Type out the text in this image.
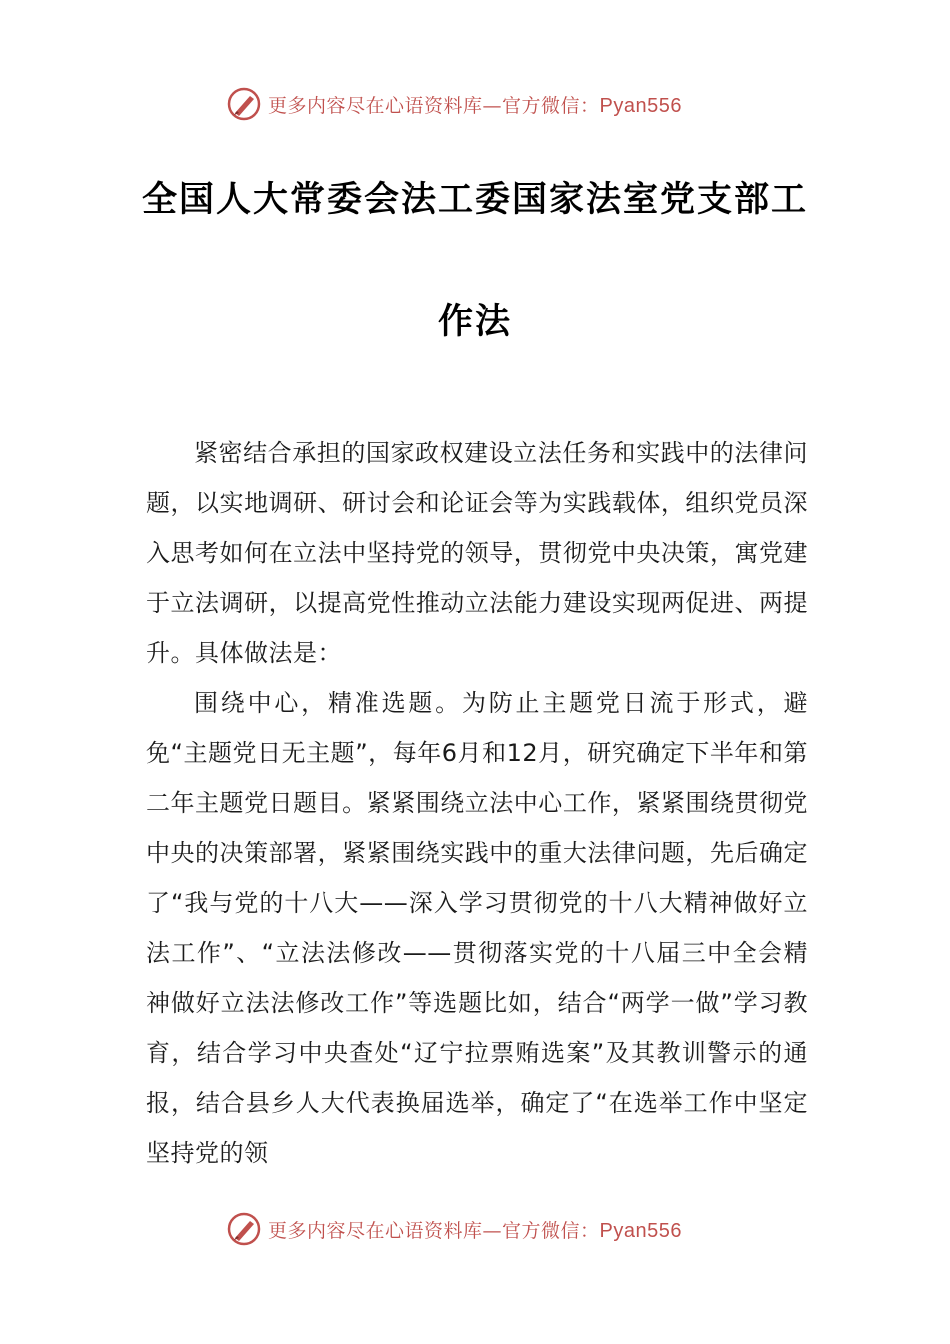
更多内容尽在心语资料库—官方微信：Pyan556
全国人大常委会法工委国家法室党支部工
作法

紧密结合承担的国家政权建设立法任务和实践中的法律问题，以实地调研、研讨会和论证会等为实践载体，组织党员深入思考如何在立法中坚持党的领导，贯彻党中央决策，寓党建于立法调研，以提高党性推动立法能力建设实现两促进、两提升。具体做法是：

围绕中心，精准选题。为防止主题党日流于形式，避免“主题党日无主题”，每年6月和12月，研究确定下半年和第二年主题党日题目。紧紧围绕立法中心工作，紧紧围绕贯彻党中央的决策部署，紧紧围绕实践中的重大法律问题，先后确定了“我与党的十八大——深入学习贯彻党的十八大精神做好立法工作”、“立法法修改——贯彻落实党的十八届三中全会精神做好立法法修改工作”等选题比如，结合“两学一做”学习教育，结合学习中央查处“辽宁拉票贿选案”及其教训警示的通报，结合县乡人大代表换届选举，确定了“在选举工作中坚定坚持党的领

更多内容尽在心语资料库—官方微信：Pyan556
